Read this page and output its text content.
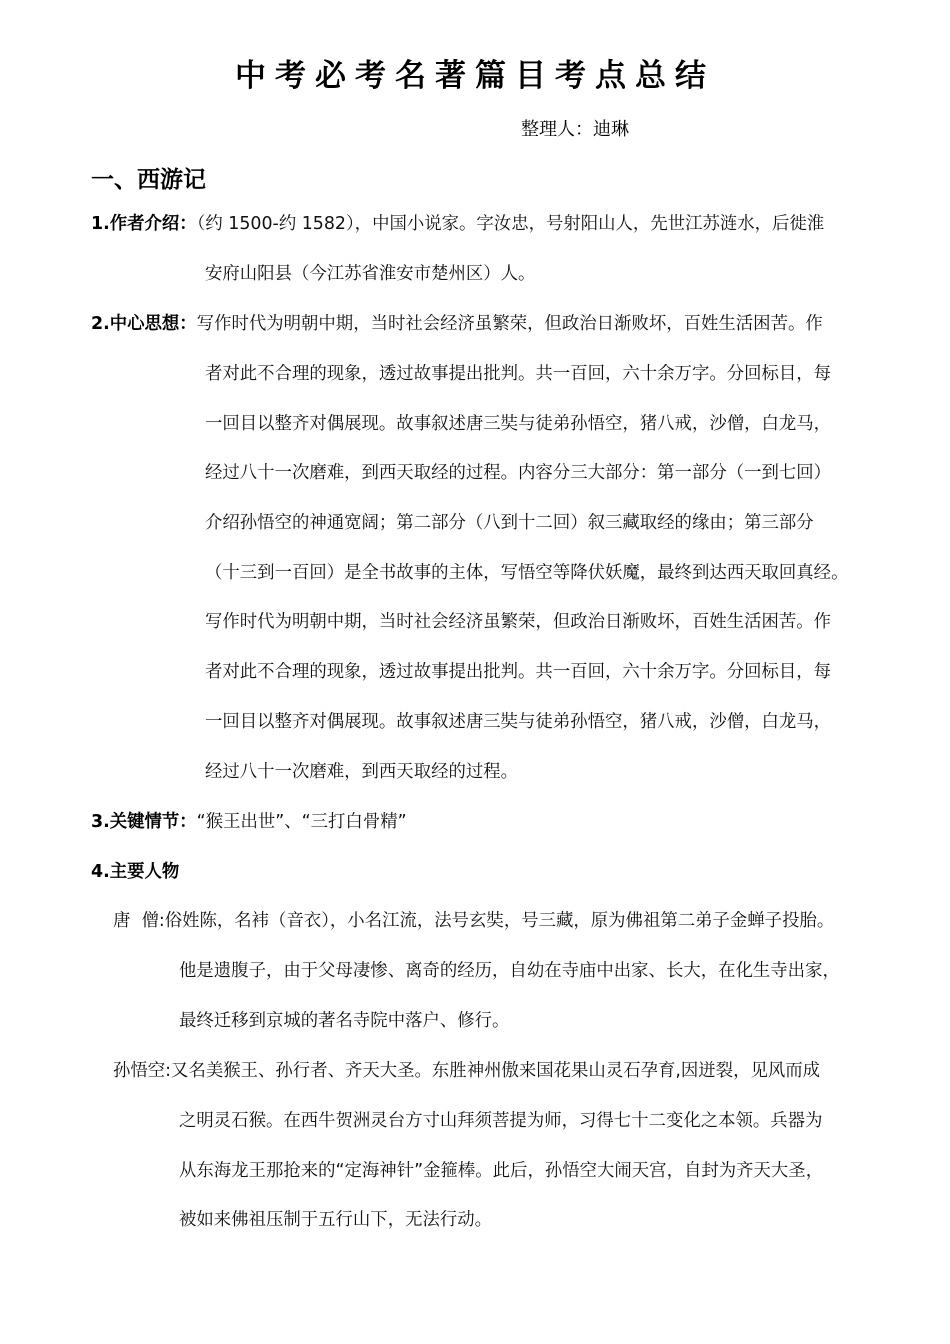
中考必考名著篇目考点总结
整理人：迪琳
一、西游记
1.作者介绍：（约 1500-约 1582），中国小说家。字汝忠，号射阳山人，先世江苏涟水，后徙淮
安府山阳县（今江苏省淮安市楚州区）人。
2.中心思想：写作时代为明朝中期，当时社会经济虽繁荣，但政治日渐败坏，百姓生活困苦。作
者对此不合理的现象，透过故事提出批判。共一百回，六十余万字。分回标目，每
一回目以整齐对偶展现。故事叙述唐三奘与徒弟孙悟空，猪八戒，沙僧，白龙马，
经过八十一次磨难，到西天取经的过程。内容分三大部分：第一部分（一到七回）
介绍孙悟空的神通宽阔；第二部分（八到十二回）叙三藏取经的缘由；第三部分
（十三到一百回）是全书故事的主体，写悟空等降伏妖魔，最终到达西天取回真经。
写作时代为明朝中期，当时社会经济虽繁荣，但政治日渐败坏，百姓生活困苦。作
者对此不合理的现象，透过故事提出批判。共一百回，六十余万字。分回标目，每
一回目以整齐对偶展现。故事叙述唐三奘与徒弟孙悟空，猪八戒，沙僧，白龙马，
经过八十一次磨难，到西天取经的过程。
3.关键情节：“猴王出世”、“三打白骨精”
4.主要人物
唐  僧:俗姓陈，名袆（音衣），小名江流，法号玄奘，号三藏，原为佛祖第二弟子金蝉子投胎。
他是遗腹子，由于父母凄惨、离奇的经历，自幼在寺庙中出家、长大，在化生寺出家，
最终迁移到京城的著名寺院中落户、修行。
孙悟空:又名美猴王、孙行者、齐天大圣。东胜神州傲来国花果山灵石孕育,因迸裂，见风而成
之明灵石猴。在西牛贺洲灵台方寸山拜须菩提为师，习得七十二变化之本领。兵器为
从东海龙王那抢来的“定海神针”金箍棒。此后，孙悟空大闹天宫，自封为齐天大圣，
被如来佛祖压制于五行山下，无法行动。
